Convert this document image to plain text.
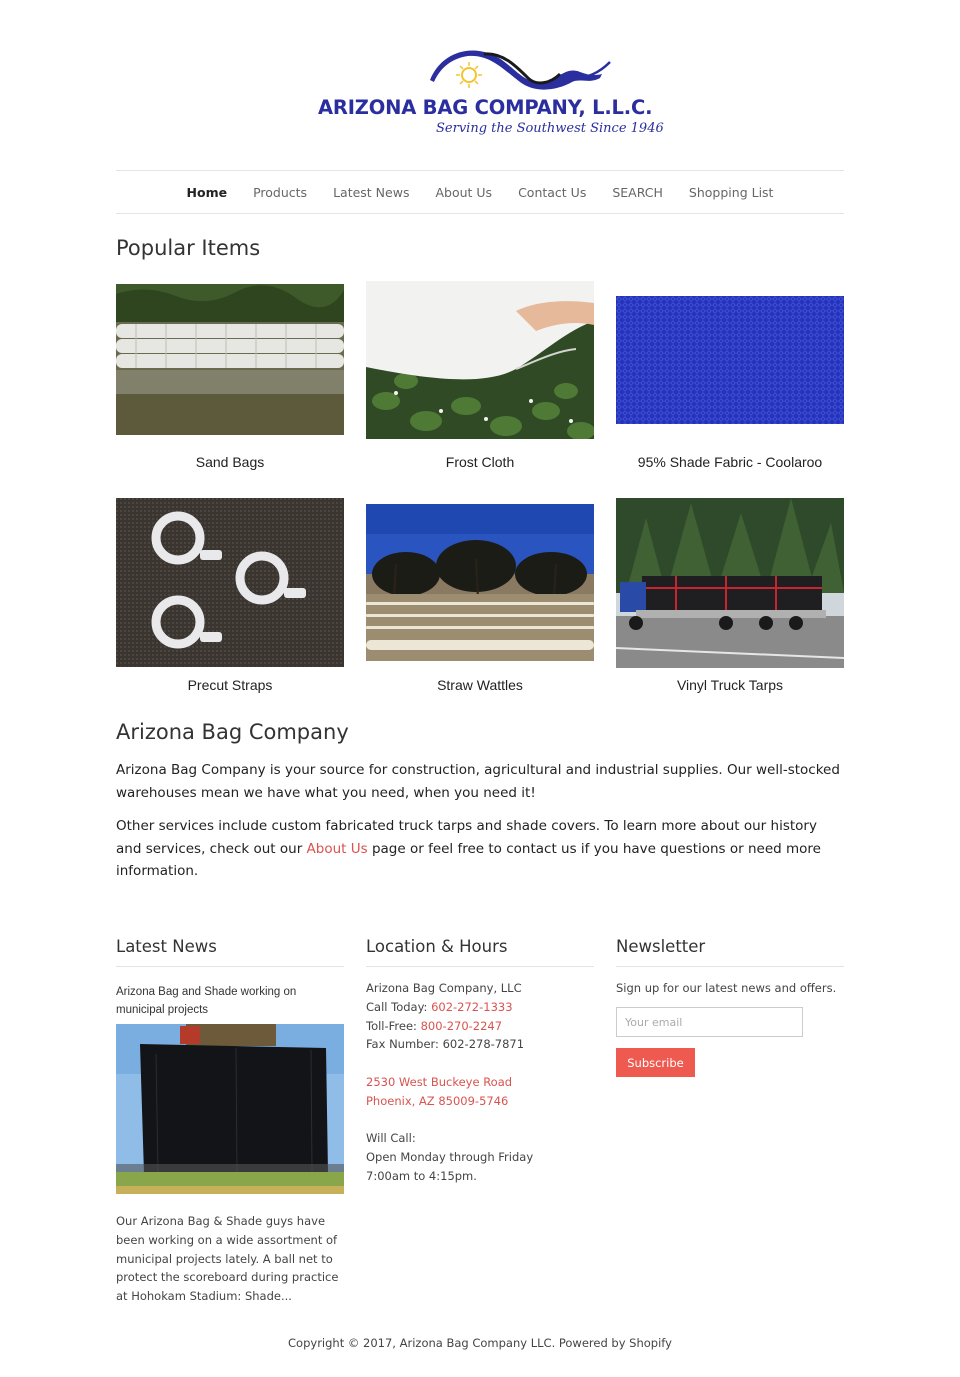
ARIZONA BAG COMPANY, L.L.C.
Serving the Southwest Since 1946
Home Products Latest News About Us Contact Us SEARCH Shopping List
Popular Items
Sand Bags	Frost Cloth	95% Shade Fabric - Coolaroo
Precut Straps	Straw Wattles	Vinyl Truck Tarps
Arizona Bag Company

Arizona Bag Company is your source for construction, agricultural and industrial supplies. Our well-stocked warehouses mean we have what you need, when you need it!

Other services include custom fabricated truck tarps and shade covers. To learn more about our history and services, check out our About Us page or feel free to contact us if you have questions or need more information.

Latest News
Arizona Bag and Shade working on municipal projects
Our Arizona Bag & Shade guys have been working on a wide assortment of municipal projects lately. A ball net to protect the scoreboard during practice at Hohokam Stadium: Shade...
Location & Hours
Arizona Bag Company, LLC
Call Today: 602-272-1333
Toll-Free: 800-270-2247
Fax Number: 602-278-7871

2530 West Buckeye Road
Phoenix, AZ 85009-5746

Will Call:
Open Monday through Friday
7:00am to 4:15pm.
Newsletter
Sign up for our latest news and offers.
Your email
Subscribe
Copyright © 2017, Arizona Bag Company LLC. Powered by Shopify
